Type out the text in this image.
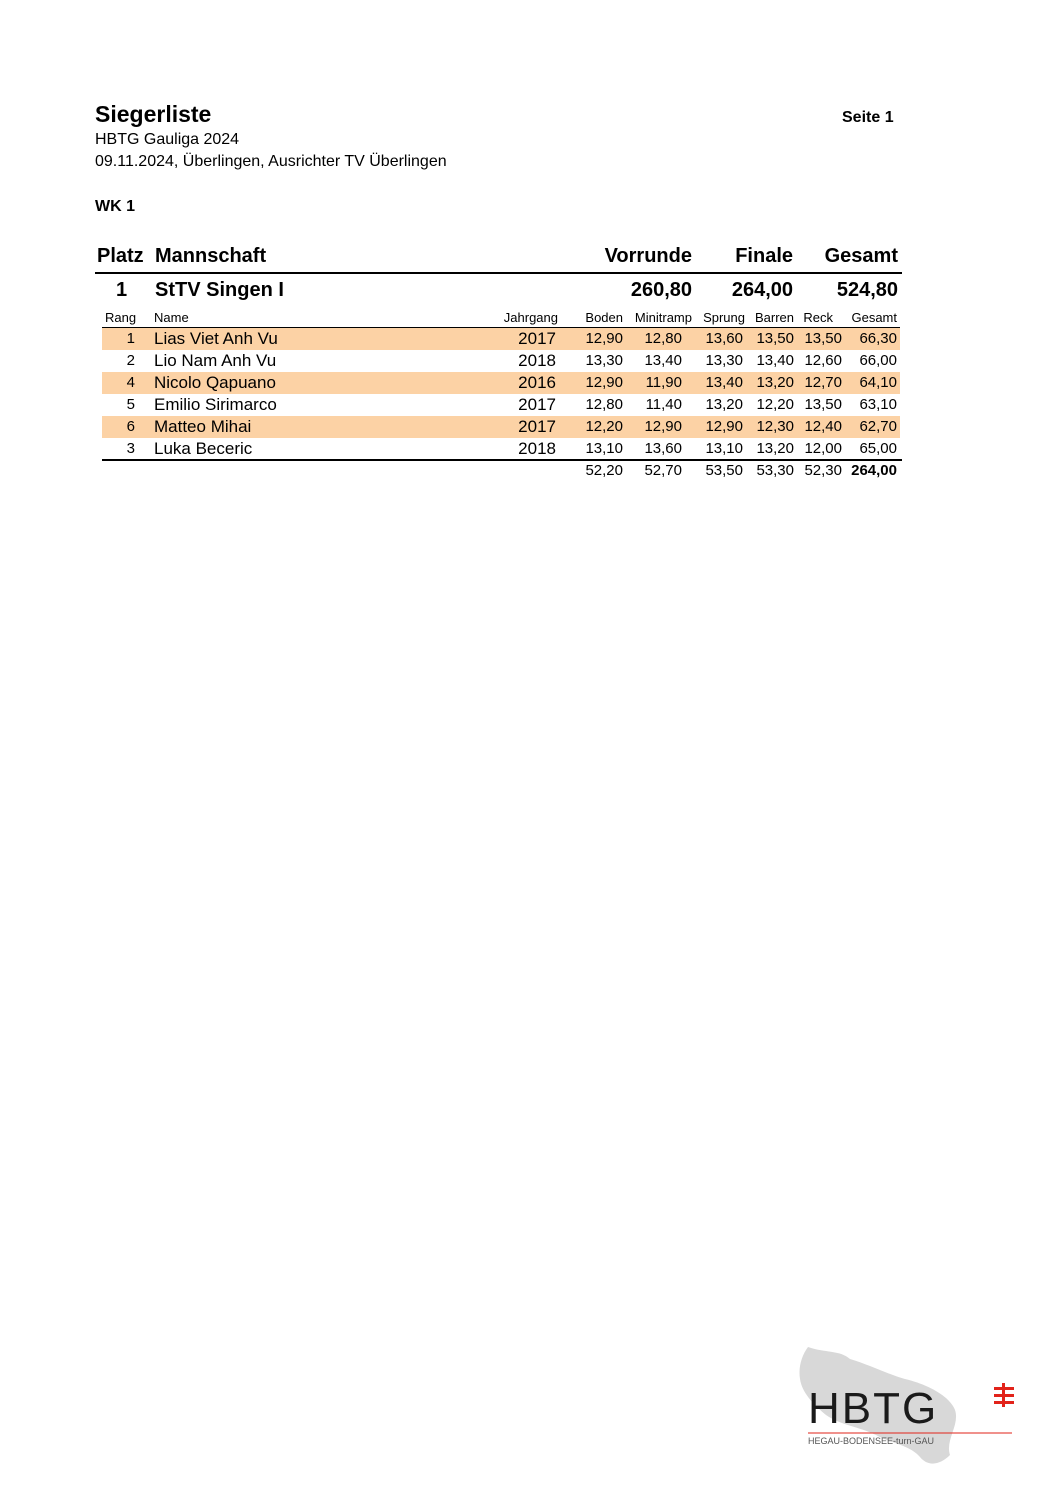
Siegerliste	Seite 1
HBTG Gauliga 2024
09.11.2024, Überlingen, Ausrichter TV Überlingen
WK 1
Platz Mannschaft	Vorrunde	Finale	Gesamt
1 StTV Singen I	260,80	264,00	524,80
Rang Name	Jahrgang	Boden Minitramp Sprung Barren Reck	Gesamt
1 Lias Viet Anh Vu	2017	12,90	12,80	13,60 13,50 13,50	66,30
2 Lio Nam Anh Vu	2018	13,30	13,40	13,30 13,40 12,60	66,00
4 Nicolo Qapuano	2016	12,90	11,90	13,40 13,20 12,70	64,10
5 Emilio Sirimarco	2017	12,80	11,40	13,20 12,20 13,50	63,10
6 Matteo Mihai	2017	12,20	12,90	12,90 12,30 12,40	62,70
3 Luka Beceric	2018	13,10	13,60	13,10 13,20 12,00	65,00
52,20	52,70	53,50 53,30 52,30 264,00
HBTG
HEGAU-BODENSEE-turn-GAU
